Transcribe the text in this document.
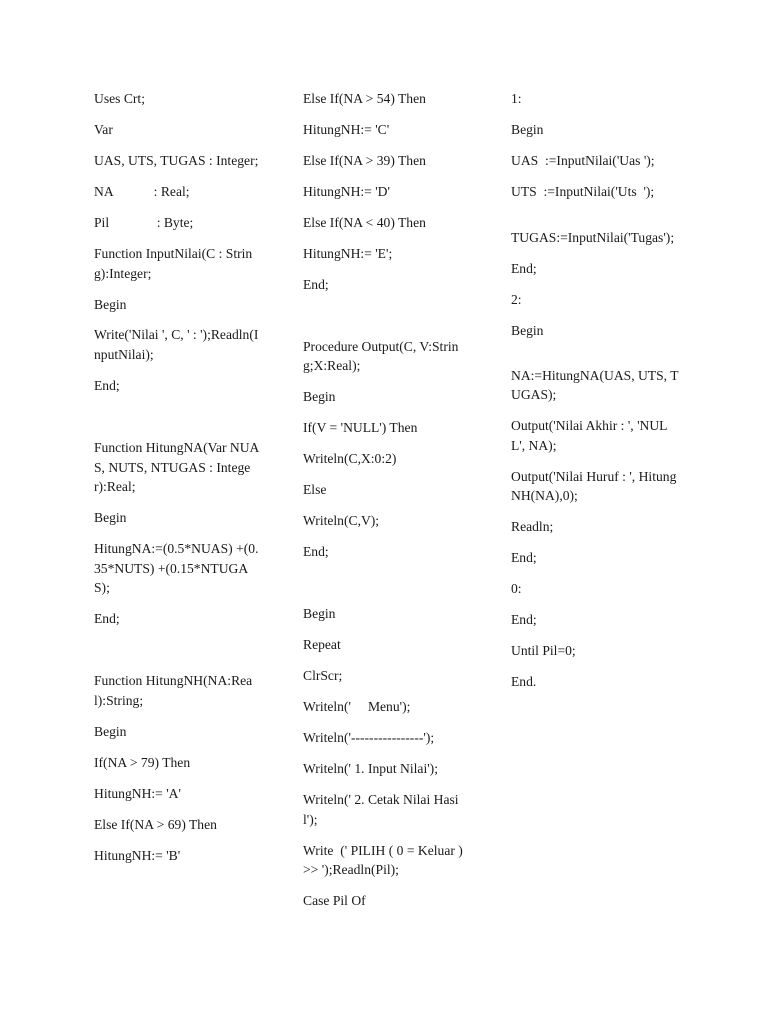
Uses Crt;
Var
UAS, UTS, TUGAS : Integer;
NA            : Real;
Pil              : Byte;
Function InputNilai(C : String):Integer;
Begin
Write('Nilai ', C, ' : ');Readln(InputNilai);
End;
Function HitungNA(Var NUAS, NUTS, NTUGAS : Integer):Real;
Begin
HitungNA:=(0.5*NUAS) +(0.35*NUTS) +(0.15*NTUGAS);
End;
Function HitungNH(NA:Real):String;
Begin
If(NA > 79) Then
HitungNH:= 'A'
Else If(NA > 69) Then
HitungNH:= 'B'
Else If(NA > 54) Then
HitungNH:= 'C'
Else If(NA > 39) Then
HitungNH:= 'D'
Else If(NA < 40) Then
HitungNH:= 'E';
End;
Procedure Output(C, V:String;X:Real);
Begin
If(V = 'NULL') Then
Writeln(C,X:0:2)
Else
Writeln(C,V);
End;
Begin
Repeat
ClrScr;
Writeln('     Menu');
Writeln('----------------');
Writeln(' 1. Input Nilai');
Writeln(' 2. Cetak Nilai Hasil');
Write  (' PILIH ( 0 = Keluar ) >> ');Readln(Pil);
Case Pil Of
1:
Begin
UAS  :=InputNilai('Uas ');
UTS  :=InputNilai('Uts  ');
TUGAS:=InputNilai('Tugas');
End;
2:
Begin
NA:=HitungNA(UAS, UTS, TUGAS);
Output('Nilai Akhir : ', 'NULL', NA);
Output('Nilai Huruf : ', HitungNH(NA),0);
Readln;
End;
0:
End;
Until Pil=0;
End.
